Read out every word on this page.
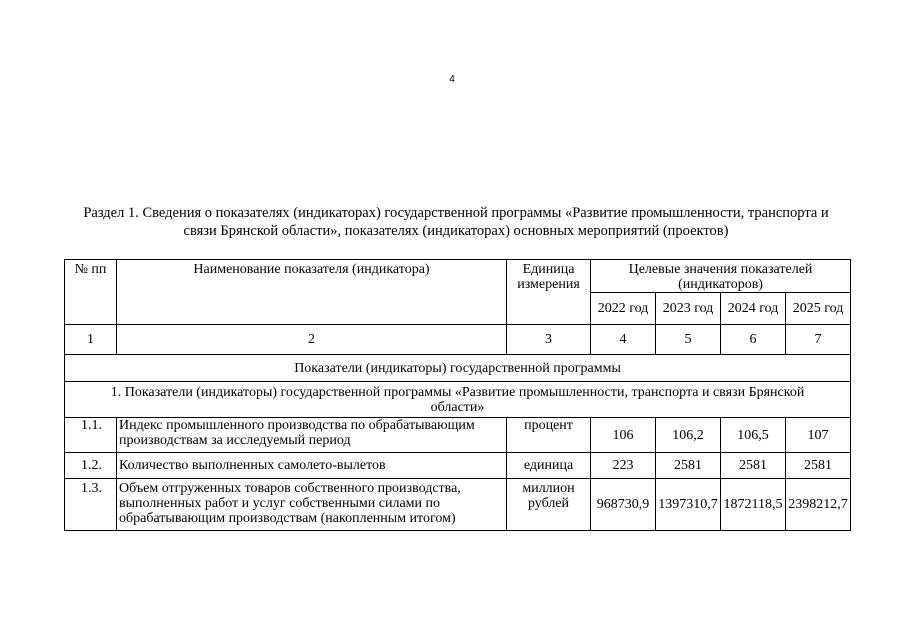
4
Раздел 1. Сведения о показателях (индикаторах) государственной программы «Развитие промышленности, транспорта и
связи Брянской области», показателях (индикаторах) основных мероприятий (проектов)
№ пп	Наименование показателя (индикатора)	Единица измерения	Целевые значения показателей (индикаторов)			
			2022 год	2023 год	2024 год	2025 год
1	2	3	4	5	6	7
Показатели (индикаторы) государственной программы						
1. Показатели (индикаторы) государственной программы «Развитие промышленности, транспорта и связи Брянской области»						
1.1.	Индекс промышленного производства по обрабатывающим производствам за исследуемый период	процент	106	106,2	106,5	107
1.2.	Количество выполненных самолето-вылетов	единица	223	2581	2581	2581
1.3.	Объем отгруженных товаров собственного производства, выполненных работ и услуг собственными силами по обрабатывающим производствам (накопленным итогом)	миллион рублей	968730,9	1397310,7	1872118,5	2398212,7
